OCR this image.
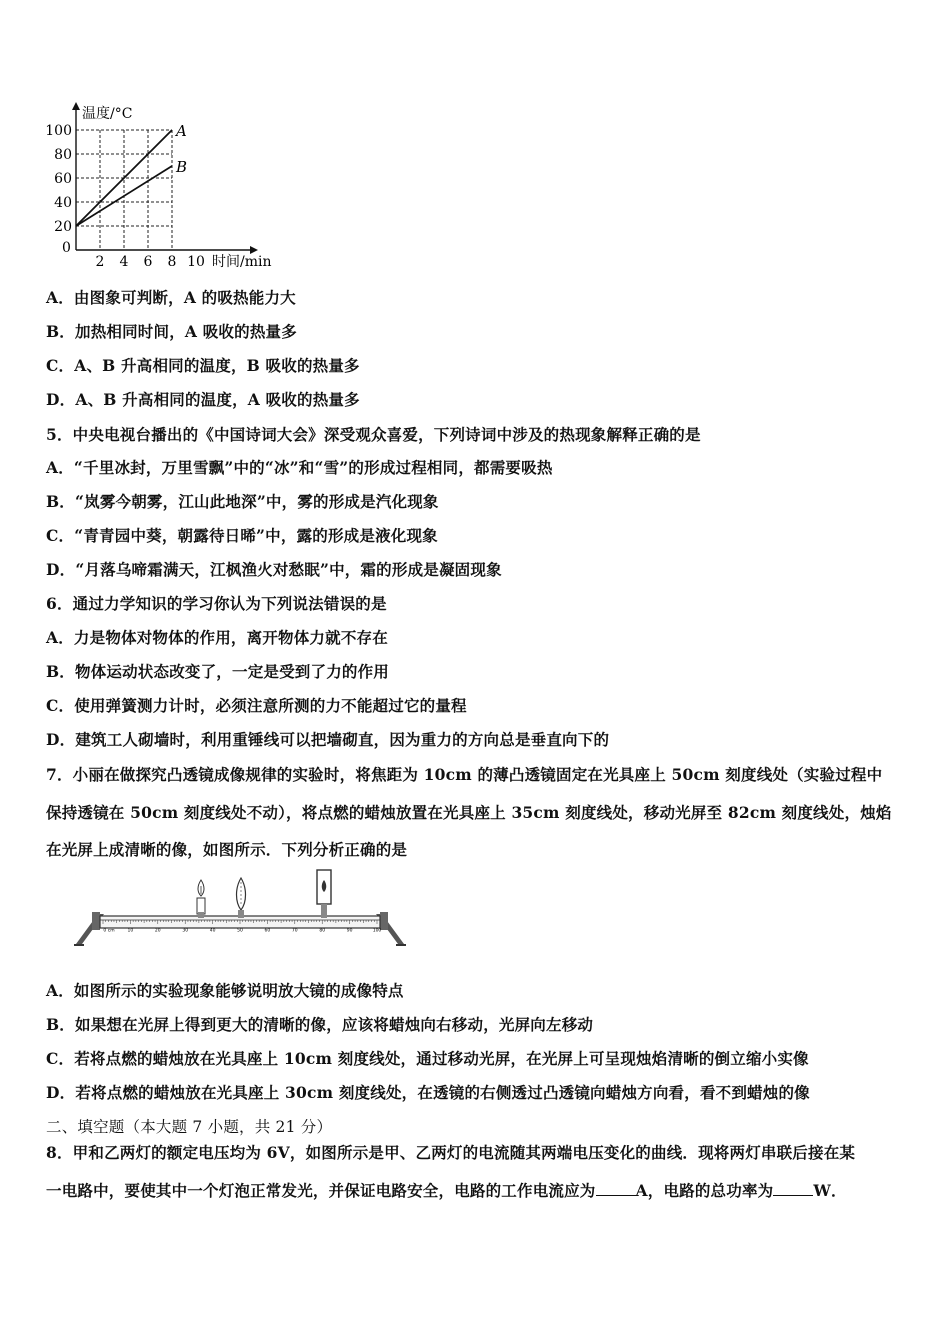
温度/°C
时间/min
0
100
80
60
40
20
2 4 6 8 10
A
B
A．由图象可判断，A 的吸热能力大
B．加热相同时间，A 吸收的热量多
C．A、B 升高相同的温度，B 吸收的热量多
D．A、B 升高相同的温度，A 吸收的热量多
5．中央电视台播出的《中国诗词大会》深受观众喜爱，下列诗词中涉及的热现象解释正确的是
A．“千里冰封，万里雪飘”中的“冰”和“雪”的形成过程相同，都需要吸热
B．“岚雾今朝雾，江山此地深”中，雾的形成是汽化现象
C．“青青园中葵，朝露待日晞”中，露的形成是液化现象
D．“月落乌啼霜满天，江枫渔火对愁眠”中，霜的形成是凝固现象
6．通过力学知识的学习你认为下列说法错误的是
A．力是物体对物体的作用，离开物体力就不存在
B．物体运动状态改变了，一定是受到了力的作用
C．使用弹簧测力计时，必须注意所测的力不能超过它的量程
D．建筑工人砌墙时，利用重锤线可以把墙砌直，因为重力的方向总是垂直向下的
7．小丽在做探究凸透镜成像规律的实验时，将焦距为 10cm 的薄凸透镜固定在光具座上 50cm 刻度线处（实验过程中
保持透镜在 50cm 刻度线处不动），将点燃的蜡烛放置在光具座上 35cm 刻度线处，移动光屏至 82cm 刻度线处，烛焰
在光屏上成清晰的像，如图所示．下列分析正确的是
0 cm	10	20	30	40	50	60	70	80	90	100
A．如图所示的实验现象能够说明放大镜的成像特点
B．如果想在光屏上得到更大的清晰的像，应该将蜡烛向右移动，光屏向左移动
C．若将点燃的蜡烛放在光具座上 10cm 刻度线处，通过移动光屏，在光屏上可呈现烛焰清晰的倒立缩小实像
D．若将点燃的蜡烛放在光具座上 30cm 刻度线处，在透镜的右侧透过凸透镜向蜡烛方向看，看不到蜡烛的像
二、填空题（本大题 7 小题，共 21 分）
8．甲和乙两灯的额定电压均为 6V，如图所示是甲、乙两灯的电流随其两端电压变化的曲线．现将两灯串联后接在某
一电路中，要使其中一个灯泡正常发光，并保证电路安全，电路的工作电流应为	A，电路的总功率为	W．
